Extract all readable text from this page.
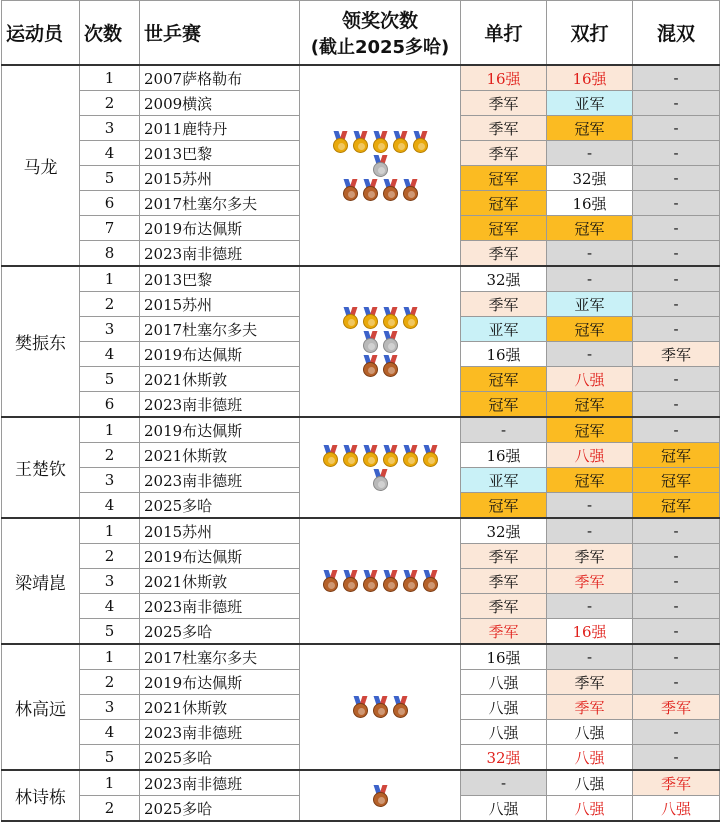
运动员	次数	世乒赛	领奖次数
(截止2025多哈)	单打	双打	混双
马龙	1	2007萨格勒布		16强	16强	-
	2	2009横滨		季军	亚军	-
	3	2011鹿特丹		季军	冠军	-
	4	2013巴黎		季军	-	-
	5	2015苏州		冠军	32强	-
	6	2017杜塞尔多夫		冠军	16强	-
	7	2019布达佩斯		冠军	冠军	-
	8	2023南非德班		季军	-	-
樊振东	1	2013巴黎		32强	-	-
	2	2015苏州		季军	亚军	-
	3	2017杜塞尔多夫		亚军	冠军	-
	4	2019布达佩斯		16强	-	季军
	5	2021休斯敦		冠军	八强	-
	6	2023南非德班		冠军	冠军	-
王楚钦	1	2019布达佩斯		-	冠军	-
	2	2021休斯敦		16强	八强	冠军
	3	2023南非德班		亚军	冠军	冠军
	4	2025多哈		冠军	-	冠军
梁靖崑	1	2015苏州		32强	-	-
	2	2019布达佩斯		季军	季军	-
	3	2021休斯敦		季军	季军	-
	4	2023南非德班		季军	-	-
	5	2025多哈		季军	16强	-
林高远	1	2017杜塞尔多夫		16强	-	-
	2	2019布达佩斯		八强	季军	-
	3	2021休斯敦		八强	季军	季军
	4	2023南非德班		八强	八强	-
	5	2025多哈		32强	八强	-
林诗栋	1	2023南非德班		-	八强	季军
	2	2025多哈		八强	八强	八强
